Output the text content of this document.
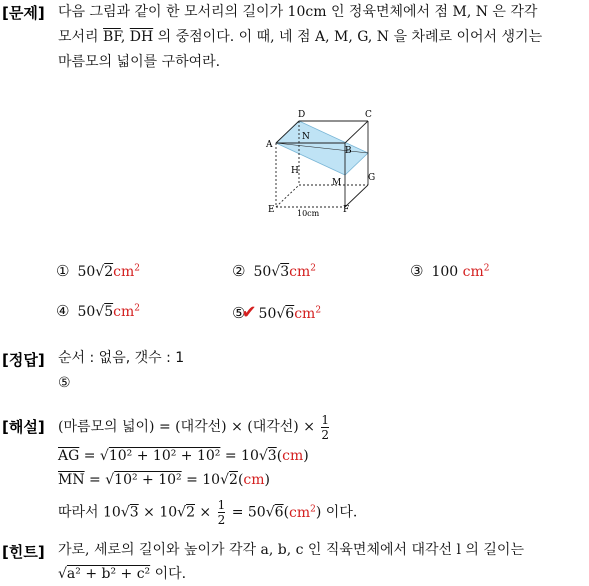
[문제] 다음 그림과 같이 한 모서리의 길이가 10cm 인 정육면체에서 점 M, N 은 각각
모서리 $\overline{BF}$, $\overline{DH}$ 의 중점이다. 이 때, 네 점 A, M, G, N 을 차례로 이어서 생기는
마름모의 넓이를 구하여라.
A
B
C
D
N
H
M	G
E	F
10cm
① $50√2cm^2$	② $50√3cm^2$	③ 100 $cm^2$
④ $50√5cm^2$	⑤✔ $50√6cm^2$
[정답] 순서 : 없음, 갯수 : 1
⑤
[해설] (마름모의 넓이) = (대각선) × (대각선) × $\frac{1}{2}$
$\overline{AG} = √10^2 + 10^2 + 10^2 = 10√3(cm)$
$\overline{MN} = √10^2 + 10^2 = 10√2(cm)$
따라서 $10√3 \times 10√2 \times \frac{1}{2} = 50√6(cm^2)$ 이다.
[힌트] 가로, 세로의 길이와 높이가 각각 a, b, c 인 직육면체에서 대각선 l 의 길이는
√a² + b² + c² 이다.
